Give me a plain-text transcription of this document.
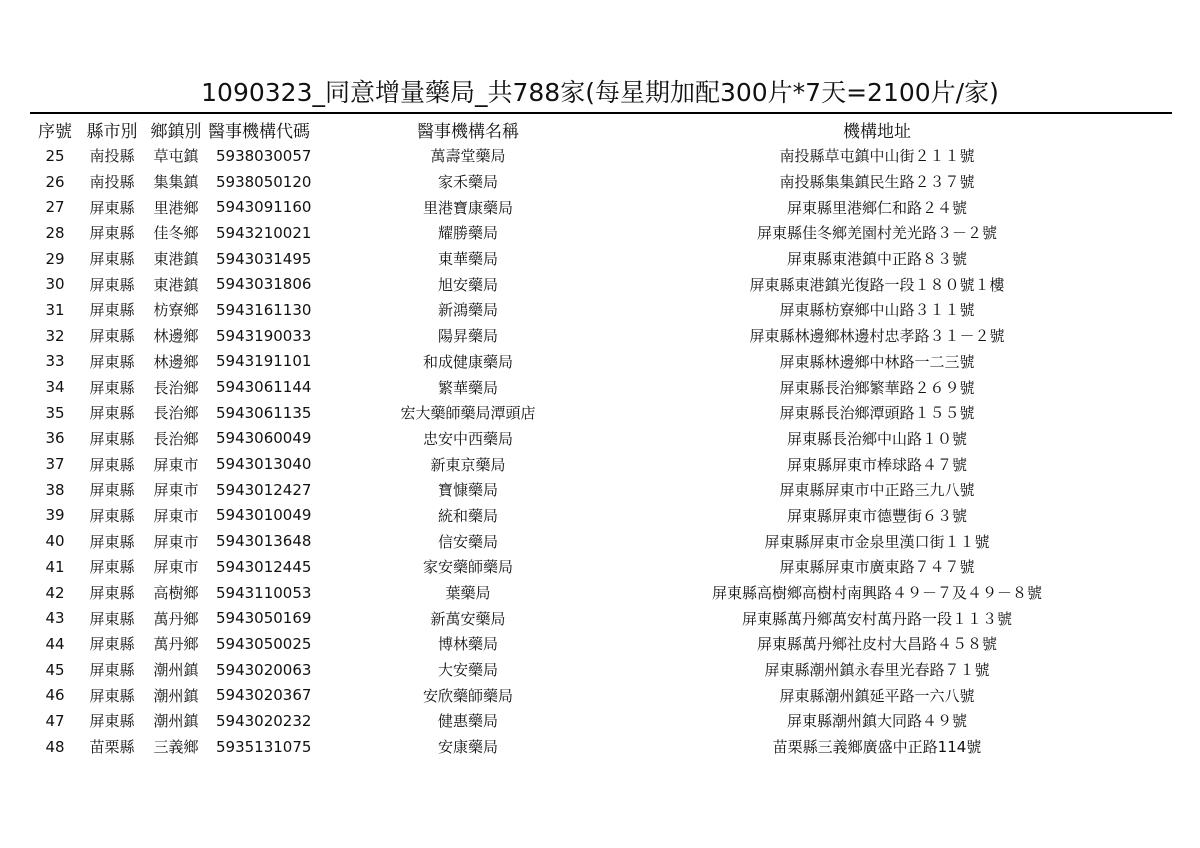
1090323_同意增量藥局_共788家(每星期加配300片*7天=2100片/家)
序號	縣市別	鄉鎮別	醫事機構代碼	醫事機構名稱	機構地址
25	南投縣	草屯鎮	5938030057	萬壽堂藥局	南投縣草屯鎮中山街２１１號
26	南投縣	集集鎮	5938050120	家禾藥局	南投縣集集鎮民生路２３７號
27	屏東縣	里港鄉	5943091160	里港寶康藥局	屏東縣里港鄉仁和路２４號
28	屏東縣	佳冬鄉	5943210021	耀勝藥局	屏東縣佳冬鄉羌園村羌光路３－２號
29	屏東縣	東港鎮	5943031495	東華藥局	屏東縣東港鎮中正路８３號
30	屏東縣	東港鎮	5943031806	旭安藥局	屏東縣東港鎮光復路一段１８０號１樓
31	屏東縣	枋寮鄉	5943161130	新鴻藥局	屏東縣枋寮鄉中山路３１１號
32	屏東縣	林邊鄉	5943190033	陽昇藥局	屏東縣林邊鄉林邊村忠孝路３１－２號
33	屏東縣	林邊鄉	5943191101	和成健康藥局	屏東縣林邊鄉中林路一二三號
34	屏東縣	長治鄉	5943061144	繁華藥局	屏東縣長治鄉繁華路２６９號
35	屏東縣	長治鄉	5943061135	宏大藥師藥局潭頭店	屏東縣長治鄉潭頭路１５５號
36	屏東縣	長治鄉	5943060049	忠安中西藥局	屏東縣長治鄉中山路１０號
37	屏東縣	屏東市	5943013040	新東京藥局	屏東縣屏東市棒球路４７號
38	屏東縣	屏東市	5943012427	寶慷藥局	屏東縣屏東市中正路三九八號
39	屏東縣	屏東市	5943010049	統和藥局	屏東縣屏東市德豐街６３號
40	屏東縣	屏東市	5943013648	信安藥局	屏東縣屏東市金泉里漢口街１１號
41	屏東縣	屏東市	5943012445	家安藥師藥局	屏東縣屏東市廣東路７４７號
42	屏東縣	高樹鄉	5943110053	葉藥局	屏東縣高樹鄉高樹村南興路４９－７及４９－８號
43	屏東縣	萬丹鄉	5943050169	新萬安藥局	屏東縣萬丹鄉萬安村萬丹路一段１１３號
44	屏東縣	萬丹鄉	5943050025	博林藥局	屏東縣萬丹鄉社皮村大昌路４５８號
45	屏東縣	潮州鎮	5943020063	大安藥局	屏東縣潮州鎮永春里光春路７１號
46	屏東縣	潮州鎮	5943020367	安欣藥師藥局	屏東縣潮州鎮延平路一六八號
47	屏東縣	潮州鎮	5943020232	健惠藥局	屏東縣潮州鎮大同路４９號
48	苗栗縣	三義鄉	5935131075	安康藥局	苗栗縣三義鄉廣盛中正路114號
